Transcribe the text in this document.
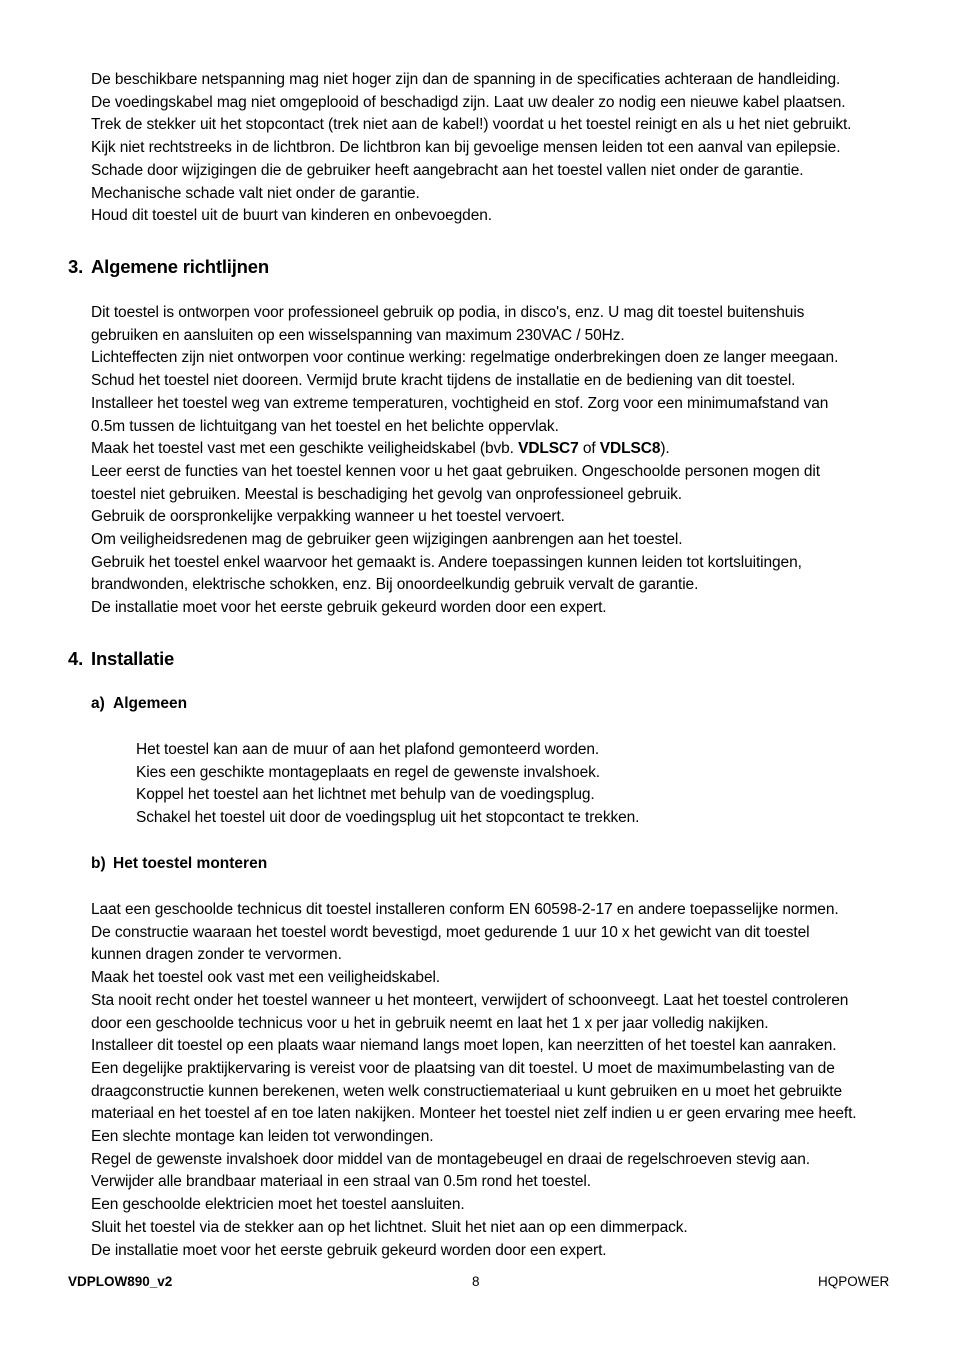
De beschikbare netspanning mag niet hoger zijn dan de spanning in de specificaties achteraan de handleiding.
De voedingskabel mag niet omgeplooid of beschadigd zijn. Laat uw dealer zo nodig een nieuwe kabel plaatsen.
Trek de stekker uit het stopcontact (trek niet aan de kabel!) voordat u het toestel reinigt en als u het niet gebruikt.
Kijk niet rechtstreeks in de lichtbron. De lichtbron kan bij gevoelige mensen leiden tot een aanval van epilepsie.
Schade door wijzigingen die de gebruiker heeft aangebracht aan het toestel vallen niet onder de garantie.
Mechanische schade valt niet onder de garantie.
Houd dit toestel uit de buurt van kinderen en onbevoegden.
3. Algemene richtlijnen
Dit toestel is ontworpen voor professioneel gebruik op podia, in disco's, enz. U mag dit toestel buitenshuis
gebruiken en aansluiten op een wisselspanning van maximum 230VAC / 50Hz.
Lichteffecten zijn niet ontworpen voor continue werking: regelmatige onderbrekingen doen ze langer meegaan.
Schud het toestel niet dooreen. Vermijd brute kracht tijdens de installatie en de bediening van dit toestel.
Installeer het toestel weg van extreme temperaturen, vochtigheid en stof. Zorg voor een minimumafstand van
0.5m tussen de lichtuitgang van het toestel en het belichte oppervlak.
Maak het toestel vast met een geschikte veiligheidskabel (bvb. VDLSC7 of VDLSC8).
Leer eerst de functies van het toestel kennen voor u het gaat gebruiken. Ongeschoolde personen mogen dit
toestel niet gebruiken. Meestal is beschadiging het gevolg van onprofessioneel gebruik.
Gebruik de oorspronkelijke verpakking wanneer u het toestel vervoert.
Om veiligheidsredenen mag de gebruiker geen wijzigingen aanbrengen aan het toestel.
Gebruik het toestel enkel waarvoor het gemaakt is. Andere toepassingen kunnen leiden tot kortsluitingen,
brandwonden, elektrische schokken, enz. Bij onoordeelkundig gebruik vervalt de garantie.
De installatie moet voor het eerste gebruik gekeurd worden door een expert.
4. Installatie
a) Algemeen
Het toestel kan aan de muur of aan het plafond gemonteerd worden.
Kies een geschikte montageplaats en regel de gewenste invalshoek.
Koppel het toestel aan het lichtnet met behulp van de voedingsplug.
Schakel het toestel uit door de voedingsplug uit het stopcontact te trekken.
b) Het toestel monteren
Laat een geschoolde technicus dit toestel installeren conform EN 60598-2-17 en andere toepasselijke normen.
De constructie waaraan het toestel wordt bevestigd, moet gedurende 1 uur 10 x het gewicht van dit toestel
kunnen dragen zonder te vervormen.
Maak het toestel ook vast met een veiligheidskabel.
Sta nooit recht onder het toestel wanneer u het monteert, verwijdert of schoonveegt. Laat het toestel controleren
door een geschoolde technicus voor u het in gebruik neemt en laat het 1 x per jaar volledig nakijken.
Installeer dit toestel op een plaats waar niemand langs moet lopen, kan neerzitten of het toestel kan aanraken.
Een degelijke praktijkervaring is vereist voor de plaatsing van dit toestel. U moet de maximumbelasting van de
draagconstructie kunnen berekenen, weten welk constructiemateriaal u kunt gebruiken en u moet het gebruikte
materiaal en het toestel af en toe laten nakijken. Monteer het toestel niet zelf indien u er geen ervaring mee heeft.
Een slechte montage kan leiden tot verwondingen.
Regel de gewenste invalshoek door middel van de montagebeugel en draai de regelschroeven stevig aan.
Verwijder alle brandbaar materiaal in een straal van 0.5m rond het toestel.
Een geschoolde elektricien moet het toestel aansluiten.
Sluit het toestel via de stekker aan op het lichtnet. Sluit het niet aan op een dimmerpack.
De installatie moet voor het eerste gebruik gekeurd worden door een expert.
VDPLOW890_v2	8	HQPOWER
